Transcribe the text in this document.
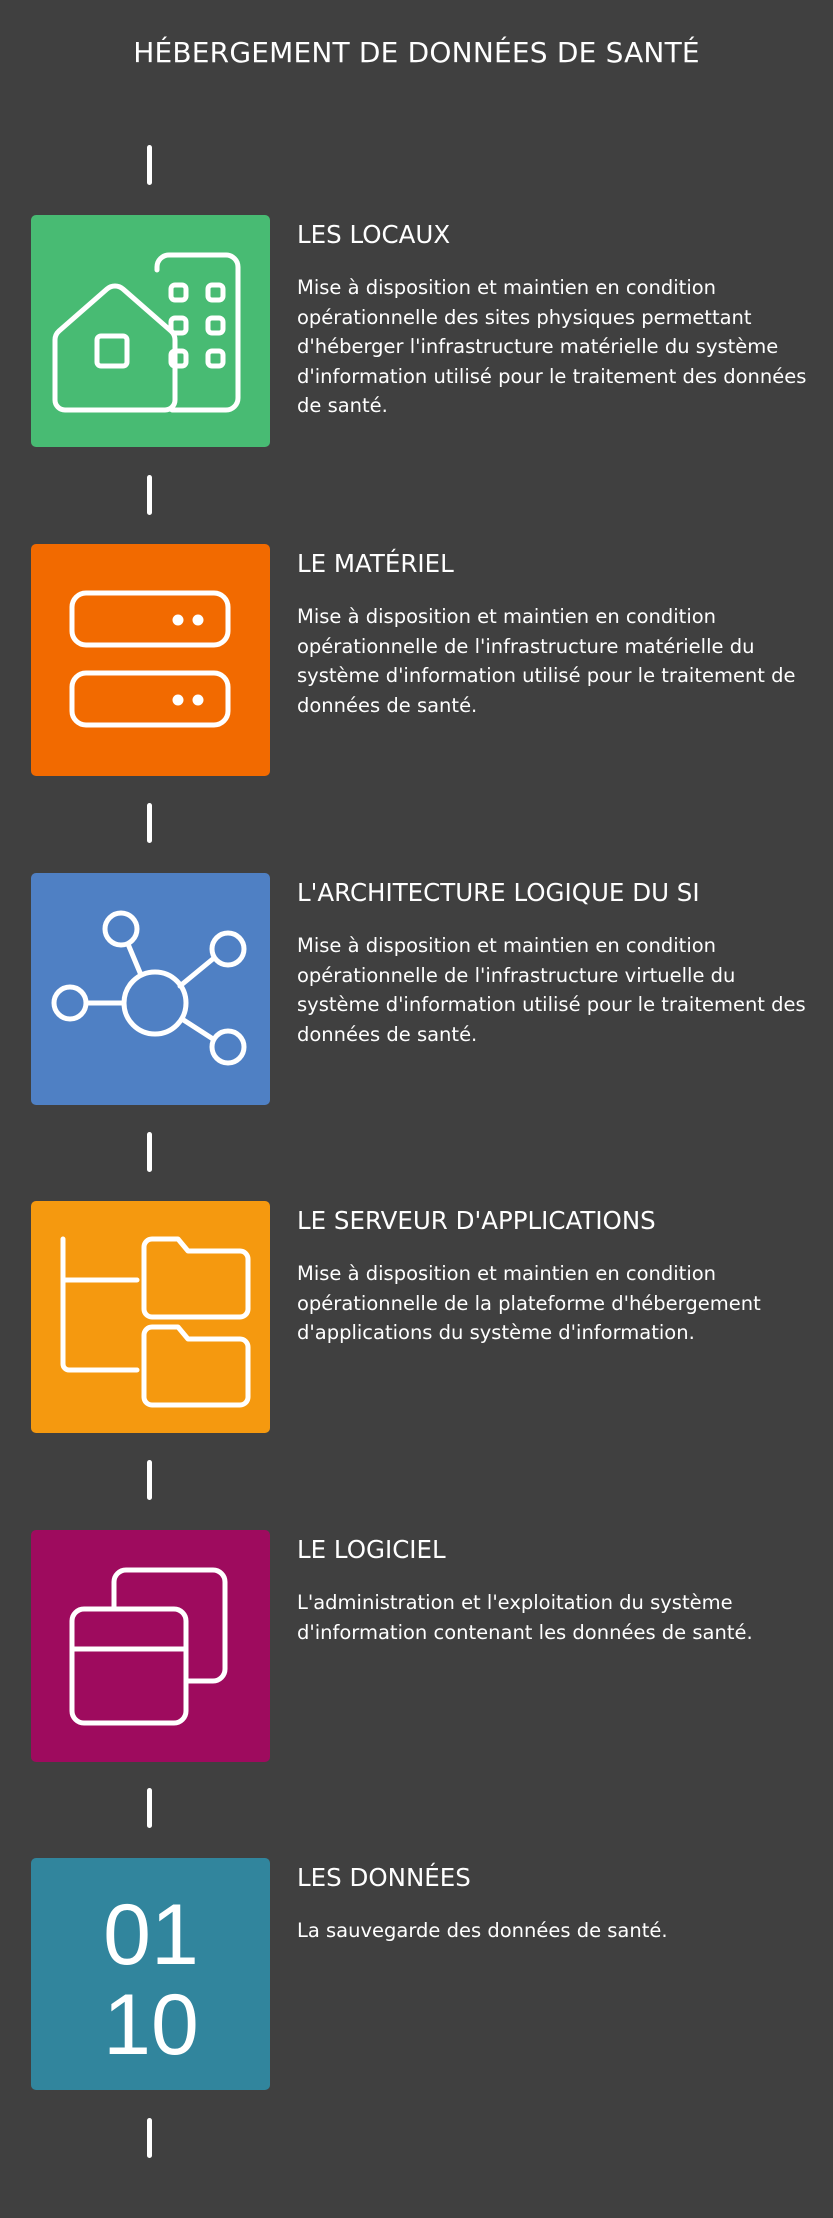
HÉBERGEMENT DE DONNÉES DE SANTÉ
LES LOCAUX
Mise à disposition et maintien en condition opérationnelle des sites physiques permettant d'héberger l'infrastructure matérielle du système d'information utilisé pour le traitement des données de santé.
LE MATÉRIEL
Mise à disposition et maintien en condition opérationnelle de l'infrastructure matérielle du système d'information utilisé pour le traitement de données de santé.
L'ARCHITECTURE LOGIQUE DU SI
Mise à disposition et maintien en condition opérationnelle de l'infrastructure virtuelle du système d'information utilisé pour le traitement des données de santé.
LE SERVEUR D'APPLICATIONS
Mise à disposition et maintien en condition opérationnelle de la plateforme d'hébergement d'applications du système d'information.
LE LOGICIEL
L'administration et l'exploitation du système d'information contenant les données de santé.
01
10
LES DONNÉES
La sauvegarde des données de santé.
